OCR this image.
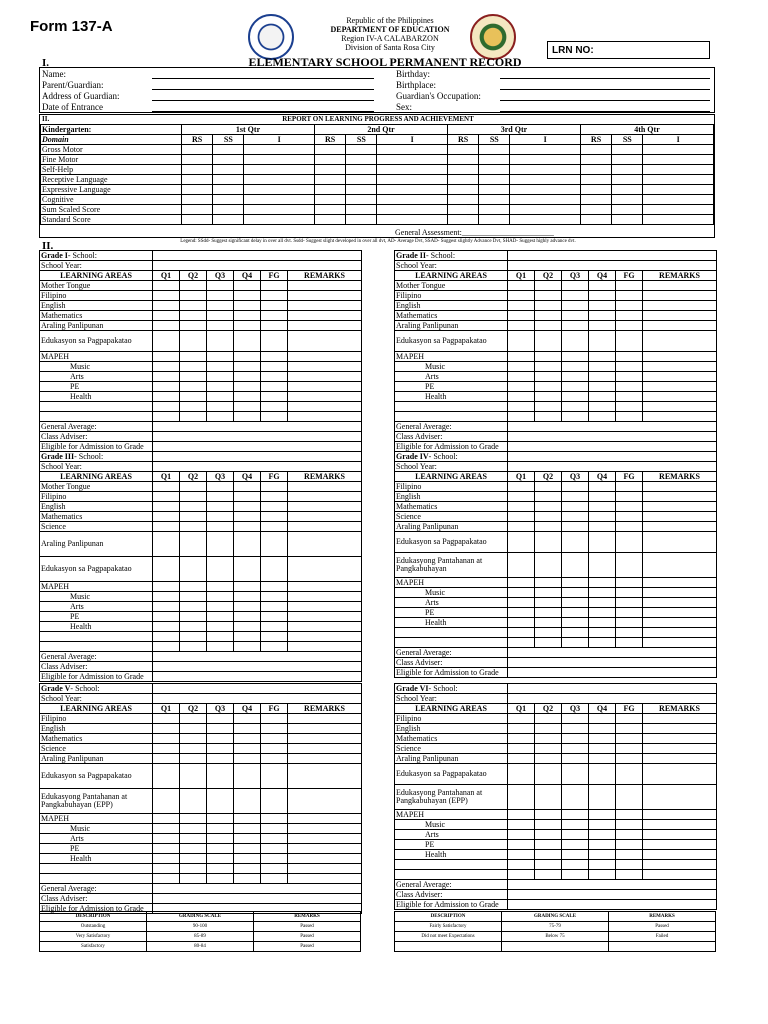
Form 137-A	Republic of the Philippines
DEPARTMENT OF EDUCATION
Region IV-A CALABARZON
Division of Santa Rosa City	LRN NO:
I.	ELEMENTARY SCHOOL PERMANENT RECORD
Name:
Parent/Guardian:
Address of Guardian:
Date of Entrance
Birthday:
Birthplace:
Guardian's Occupation:
Sex:
II.	REPORT ON LEARNING PROGRESS AND ACHIEVEMENT
Kindergarten:	1st Qtr			2nd Qtr			3rd Qtr			4th Qtr		
Domain	RS	SS	I	RS	SS	I	RS	SS	I	RS	SS	I
Gross Motor												
Fine Motor												
Self-Help												
Receptive Language												
Expressive Language												
Cognitive												
Sum Scaled Score												
Standard Score												
General Assessment:_______________________
Legend: SSdd- Suggest significant delay in over all dvt. Ssdd- Suggest slight developed in over all dvt, AD- Average Dvt, SSAD- Suggest slightly Advance Dvt, SHAD- Suggest highly advance dvt.
II.
Grade I- School:						
School Year:						
LEARNING AREAS	Q1	Q2	Q3	Q4	FG	REMARKS
Mother Tongue						
Filipino						
English						
Mathematics						
Araling Panlipunan						
Edukasyon sa Pagpapakatao						
MAPEH						
Music						
Arts						
PE						
Health						

General Average:						
Class Adviser:						
Eligible for Admission to Grade						
Grade II- School:						
School Year:						
LEARNING AREAS	Q1	Q2	Q3	Q4	FG	REMARKS
Mother Tongue						
Filipino						
English						
Mathematics						
Araling Panlipunan						
Edukasyon sa Pagpapakatao						
MAPEH						
Music						
Arts						
PE						
Health						

General Average:						
Class Adviser:						
Eligible for Admission to Grade						
Grade III- School:						
School Year:						
LEARNING AREAS	Q1	Q2	Q3	Q4	FG	REMARKS
Mother Tongue						
Filipino						
English						
Mathematics						
Science						
Araling Panlipunan						
Edukasyon sa Pagpapakatao						
MAPEH						
Music						
Arts						
PE						
Health						

General Average:						
Class Adviser:						
Eligible for Admission to Grade						
Grade IV- School:						
School Year:						
LEARNING AREAS	Q1	Q2	Q3	Q4	FG	REMARKS
Filipino						
English						
Mathematics						
Science						
Araling Panlipunan						
Edukasyon sa Pagpapakatao						
Edukasyong Pantahanan at Pangkabuhayan						
MAPEH						
Music						
Arts						
PE						
Health						

General Average:						
Class Adviser:						
Eligible for Admission to Grade						
Grade V- School:						
School Year:						
LEARNING AREAS	Q1	Q2	Q3	Q4	FG	REMARKS
Filipino						
English						
Mathematics						
Science						
Araling Panlipunan						
Edukasyon sa Pagpapakatao						
Edukasyong Pantahanan at Pangkabuhayan (EPP)						
MAPEH						
Music						
Arts						
PE						
Health						

General Average:						
Class Adviser:						
Eligible for Admission to Grade						
Grade VI- School:						
School Year:						
LEARNING AREAS	Q1	Q2	Q3	Q4	FG	REMARKS
Filipino						
English						
Mathematics						
Science						
Araling Panlipunan						
Edukasyon sa Pagpapakatao						
Edukasyong Pantahanan at Pangkabuhayan (EPP)						
MAPEH						
Music						
Arts						
PE						
Health						

General Average:						
Class Adviser:						
Eligible for Admission to Grade						
DESCRIPTION	GRADING SCALE	REMARKS
Outstanding	90-100	Passed
Very Satisfactory	85-89	Passed
Satisfactory	80-84	Passed
DESCRIPTION	GRADING SCALE	REMARKS
Fairly Satisfactory	75-79	Passed
Did not meet Expectations	Below 75	Failed
